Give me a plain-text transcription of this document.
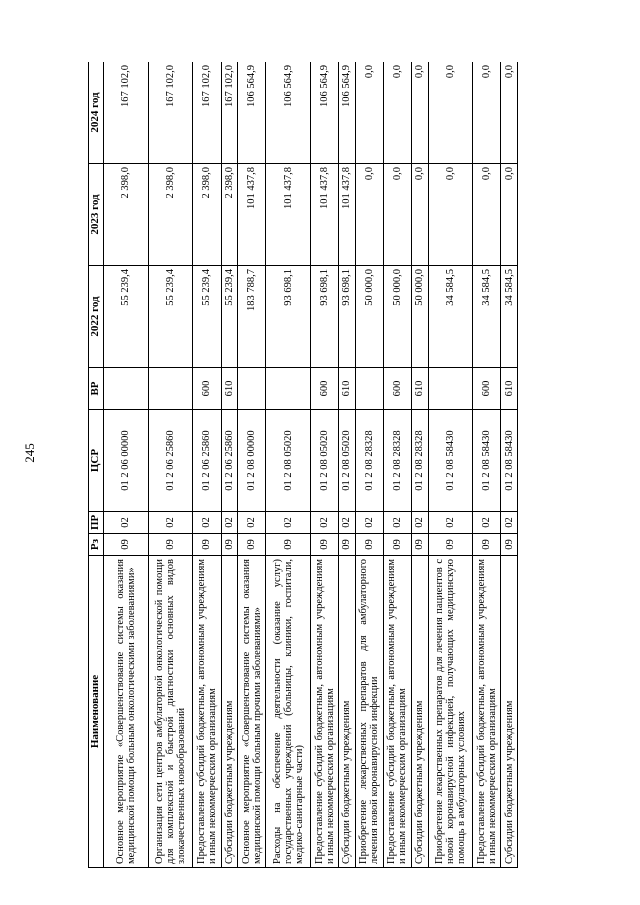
245
Наименование	Рз	ПР	ЦСР	ВР	2022 год	2023 год	2024 год
Основное мероприятие «Совершенствование системы оказания медицинской помощи больным онкологическими заболеваниями»	09	02	01 2 06 00000		55 239,4	2 398,0	167 102,0
Организация сети центров амбулаторной онкологической помощи для комплексной и быстрой диагностики основных видов злокачественных новообразований	09	02	01 2 06 25860		55 239,4	2 398,0	167 102,0
Предоставление субсидий бюджетным, автономным учреждениям и иным некоммерческим организациям	09	02	01 2 06 25860	600	55 239,4	2 398,0	167 102,0
Субсидии бюджетным учреждениям	09	02	01 2 06 25860	610	55 239,4	2 398,0	167 102,0
Основное мероприятие «Совершенствование системы оказания медицинской помощи больным прочими заболеваниями»	09	02	01 2 08 00000		183 788,7	101 437,8	106 564,9
Расходы на обеспечение деятельности (оказание услуг) государственных учреждений (больницы, клиники, госпитали, медико-санитарные части)	09	02	01 2 08 05020		93 698,1	101 437,8	106 564,9
Предоставление субсидий бюджетным, автономным учреждениям и иным некоммерческим организациям	09	02	01 2 08 05020	600	93 698,1	101 437,8	106 564,9
Субсидии бюджетным учреждениям	09	02	01 2 08 05020	610	93 698,1	101 437,8	106 564,9
Приобретение лекарственных препаратов для амбулаторного лечения новой коронавирусной инфекции	09	02	01 2 08 28328		50 000,0	0,0	0,0
Предоставление субсидий бюджетным, автономным учреждениям и иным некоммерческим организациям	09	02	01 2 08 28328	600	50 000,0	0,0	0,0
Субсидии бюджетным учреждениям	09	02	01 2 08 28328	610	50 000,0	0,0	0,0
Приобретение лекарственных препаратов для лечения пациентов с новой коронавирусной инфекцией, получающих медицинскую помощь в амбулаторных условиях	09	02	01 2 08 58430		34 584,5	0,0	0,0
Предоставление субсидий бюджетным, автономным учреждениям и иным некоммерческим организациям	09	02	01 2 08 58430	600	34 584,5	0,0	0,0
Субсидии бюджетным учреждениям	09	02	01 2 08 58430	610	34 584,5	0,0	0,0
